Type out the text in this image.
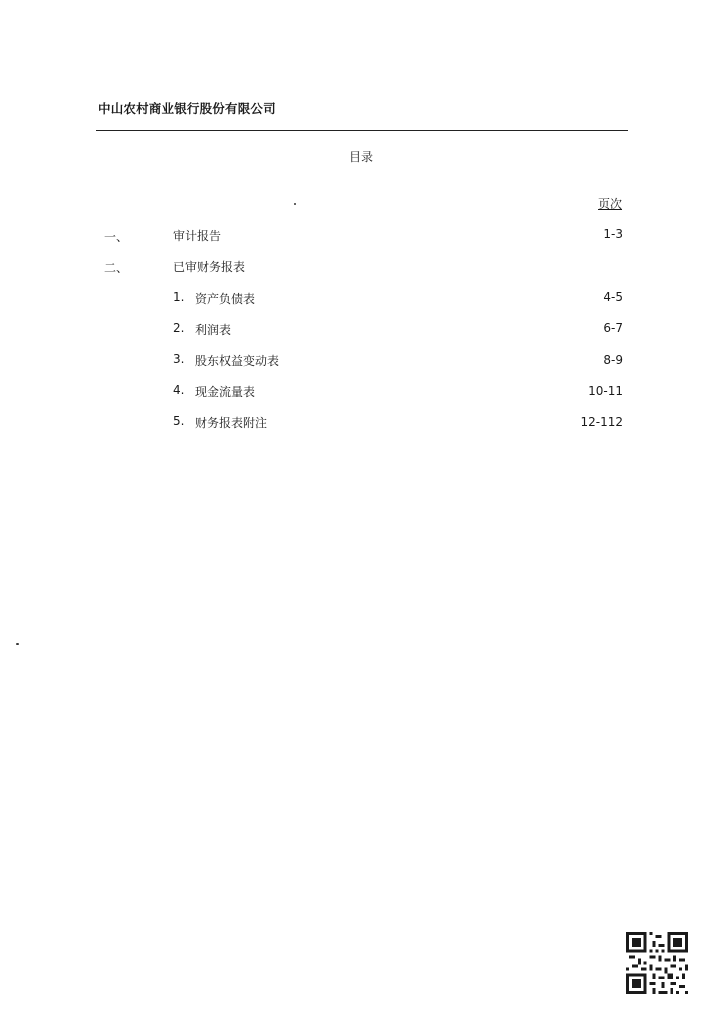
中山农村商业银行股份有限公司
目录
页次
一、	审计报告	1-3
二、	已审财务报表
1. 资产负债表	4-5
2. 利润表	6-7
3. 股东权益变动表	8-9
4. 现金流量表	10-11
5. 财务报表附注	12-112
